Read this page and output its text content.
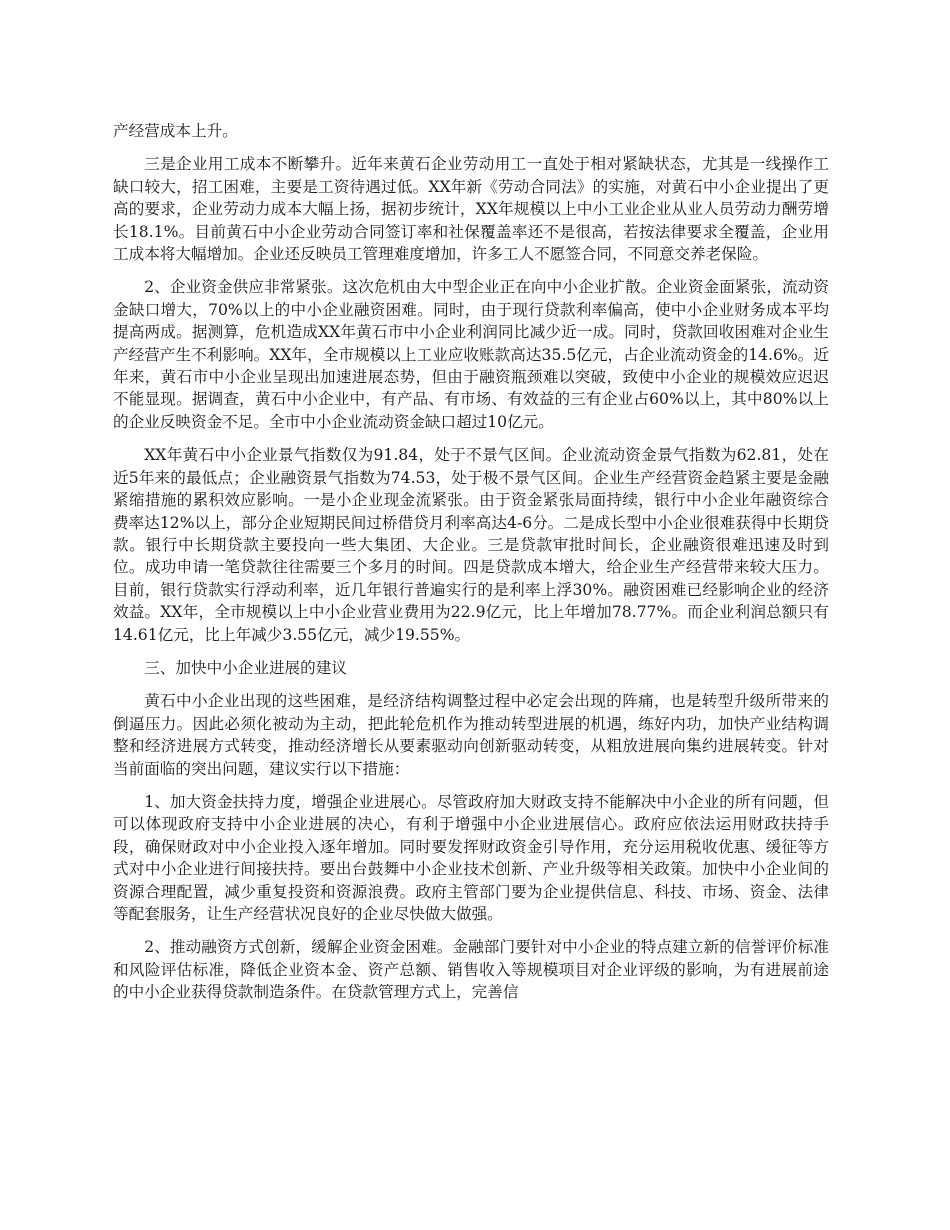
产经营成本上升。

三是企业用工成本不断攀升。近年来黄石企业劳动用工一直处于相对紧缺状态，尤其是一线操作工缺口较大，招工困难，主要是工资待遇过低。XX年新《劳动合同法》的实施，对黄石中小企业提出了更高的要求，企业劳动力成本大幅上扬，据初步统计，XX年规模以上中小工业企业从业人员劳动力酬劳增长18.1%。目前黄石中小企业劳动合同签订率和社保覆盖率还不是很高，若按法律要求全覆盖，企业用工成本将大幅增加。企业还反映员工管理难度增加，许多工人不愿签合同，不同意交养老保险。

2、企业资金供应非常紧张。这次危机由大中型企业正在向中小企业扩散。企业资金面紧张，流动资金缺口增大，70%以上的中小企业融资困难。同时，由于现行贷款利率偏高，使中小企业财务成本平均提高两成。据测算，危机造成XX年黄石市中小企业利润同比减少近一成。同时，贷款回收困难对企业生产经营产生不利影响。XX年，全市规模以上工业应收账款高达35.5亿元，占企业流动资金的14.6%。近年来，黄石市中小企业呈现出加速进展态势，但由于融资瓶颈难以突破，致使中小企业的规模效应迟迟不能显现。据调查，黄石中小企业中，有产品、有市场、有效益的三有企业占60%以上，其中80%以上的企业反映资金不足。全市中小企业流动资金缺口超过10亿元。

XX年黄石中小企业景气指数仅为91.84，处于不景气区间。企业流动资金景气指数为62.81，处在近5年来的最低点；企业融资景气指数为74.53，处于极不景气区间。企业生产经营资金趋紧主要是金融紧缩措施的累积效应影响。一是小企业现金流紧张。由于资金紧张局面持续，银行中小企业年融资综合费率达12%以上，部分企业短期民间过桥借贷月利率高达4-6分。二是成长型中小企业很难获得中长期贷款。银行中长期贷款主要投向一些大集团、大企业。三是贷款审批时间长，企业融资很难迅速及时到位。成功申请一笔贷款往往需要三个多月的时间。四是贷款成本增大，给企业生产经营带来较大压力。目前，银行贷款实行浮动利率，近几年银行普遍实行的是利率上浮30%。融资困难已经影响企业的经济效益。XX年，全市规模以上中小企业营业费用为22.9亿元，比上年增加78.77%。而企业利润总额只有14.61亿元，比上年减少3.55亿元，减少19.55%。

三、加快中小企业进展的建议

黄石中小企业出现的这些困难，是经济结构调整过程中必定会出现的阵痛，也是转型升级所带来的倒逼压力。因此必须化被动为主动，把此轮危机作为推动转型进展的机遇，练好内功，加快产业结构调整和经济进展方式转变，推动经济增长从要素驱动向创新驱动转变，从粗放进展向集约进展转变。针对当前面临的突出问题，建议实行以下措施：

1、加大资金扶持力度，增强企业进展心。尽管政府加大财政支持不能解决中小企业的所有问题，但可以体现政府支持中小企业进展的决心，有利于增强中小企业进展信心。政府应依法运用财政扶持手段，确保财政对中小企业投入逐年增加。同时要发挥财政资金引导作用，充分运用税收优惠、缓征等方式对中小企业进行间接扶持。要出台鼓舞中小企业技术创新、产业升级等相关政策。加快中小企业间的资源合理配置，减少重复投资和资源浪费。政府主管部门要为企业提供信息、科技、市场、资金、法律等配套服务，让生产经营状况良好的企业尽快做大做强。

2、推动融资方式创新，缓解企业资金困难。金融部门要针对中小企业的特点建立新的信誉评价标准和风险评估标准，降低企业资本金、资产总额、销售收入等规模项目对企业评级的影响，为有进展前途的中小企业获得贷款制造条件。在贷款管理方式上，完善信
